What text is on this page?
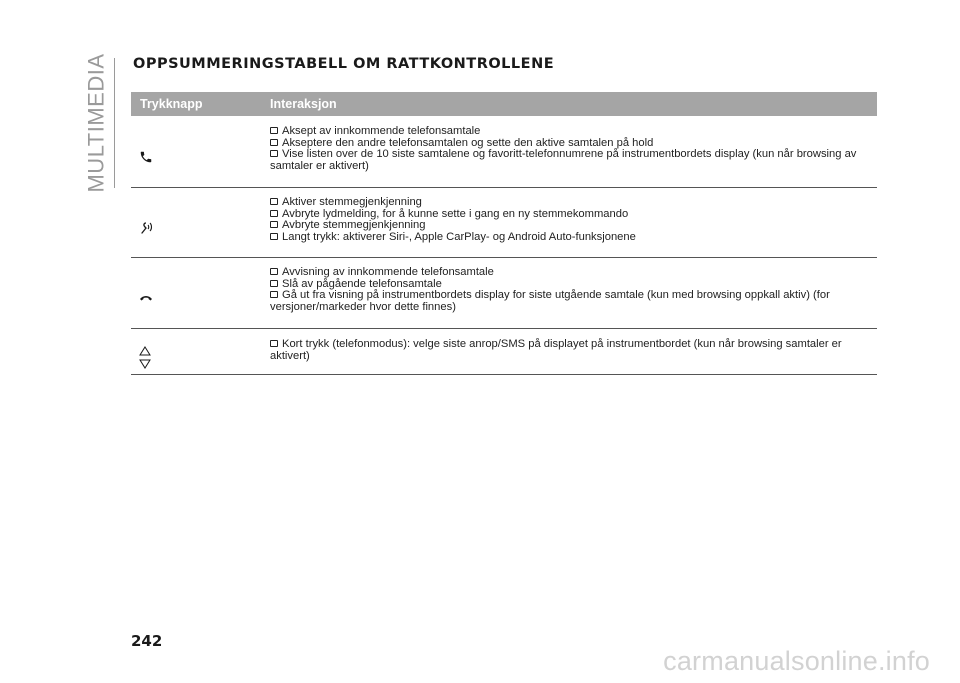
MULTIMEDIA OPPSUMMERINGSTABELL OM RATTKONTROLLENE
Trykknapp	Interaksjon

Aksept av innkommende telefonsamtale

Akseptere den andre telefonsamtalen og sette den aktive samtalen på hold

Vise listen over de 10 siste samtalene og favoritt-telefonnumrene på instrumentbordets display (kun når browsing av samtaler er aktivert)

Aktiver stemmegjenkjenning

Avbryte lydmelding, for å kunne sette i gang en ny stemmekommando

Avbryte stemmegjenkjenning

Langt trykk: aktiverer Siri-, Apple CarPlay- og Android Auto-funksjonene

Avvisning av innkommende telefonsamtale

Slå av pågående telefonsamtale

Gå ut fra visning på instrumentbordets display for siste utgående samtale (kun med browsing oppkall aktiv) (for versjoner/markeder hvor dette finnes)

Kort trykk (telefonmodus): velge siste anrop/SMS på displayet på instrumentbordet (kun når browsing samtaler er aktivert)

242
carmanualsonline.info
